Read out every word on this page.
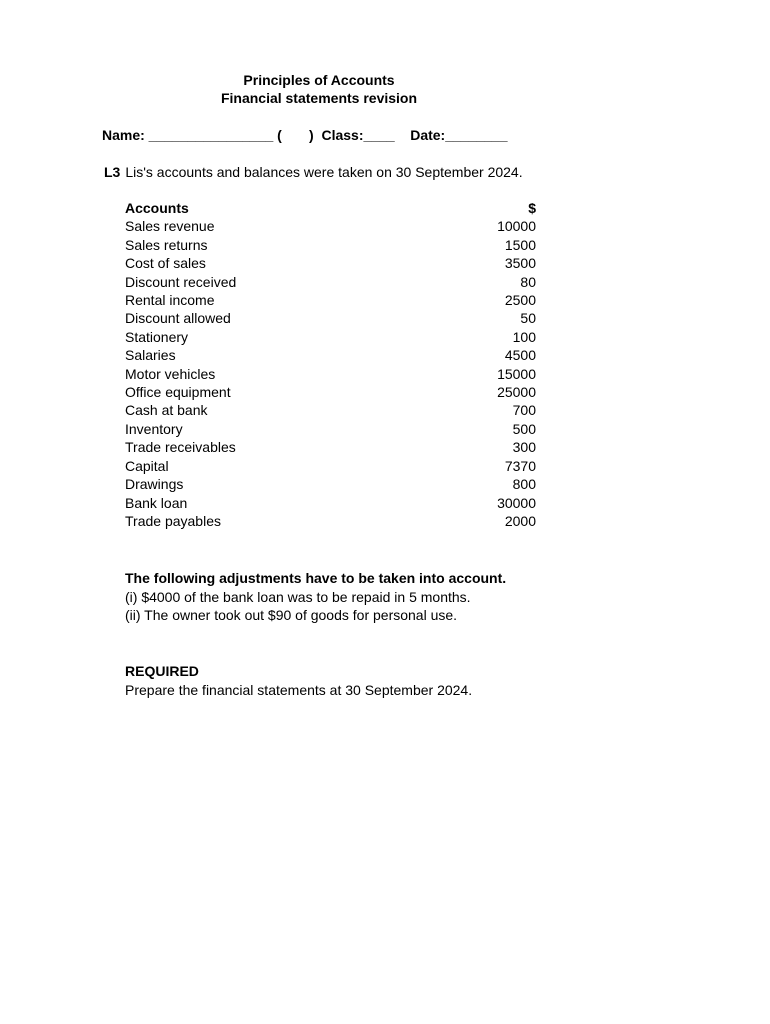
Principles of Accounts
Financial statements revision
Name: ________________ (       )  Class:____    Date:________
L3 Lis's accounts and balances were taken on 30 September 2024.
Accounts	$
Sales revenue	10000
Sales returns	1500
Cost of sales	3500
Discount received	80
Rental income	2500
Discount allowed	50
Stationery	100
Salaries	4500
Motor vehicles	15000
Office equipment	25000
Cash at bank	700
Inventory	500
Trade receivables	300
Capital	7370
Drawings	800
Bank loan	30000
Trade payables	2000
The following adjustments have to be taken into account.
(i) $4000 of the bank loan was to be repaid in 5 months.
(ii) The owner took out $90 of goods for personal use.
REQUIRED
Prepare the financial statements at 30 September 2024.
